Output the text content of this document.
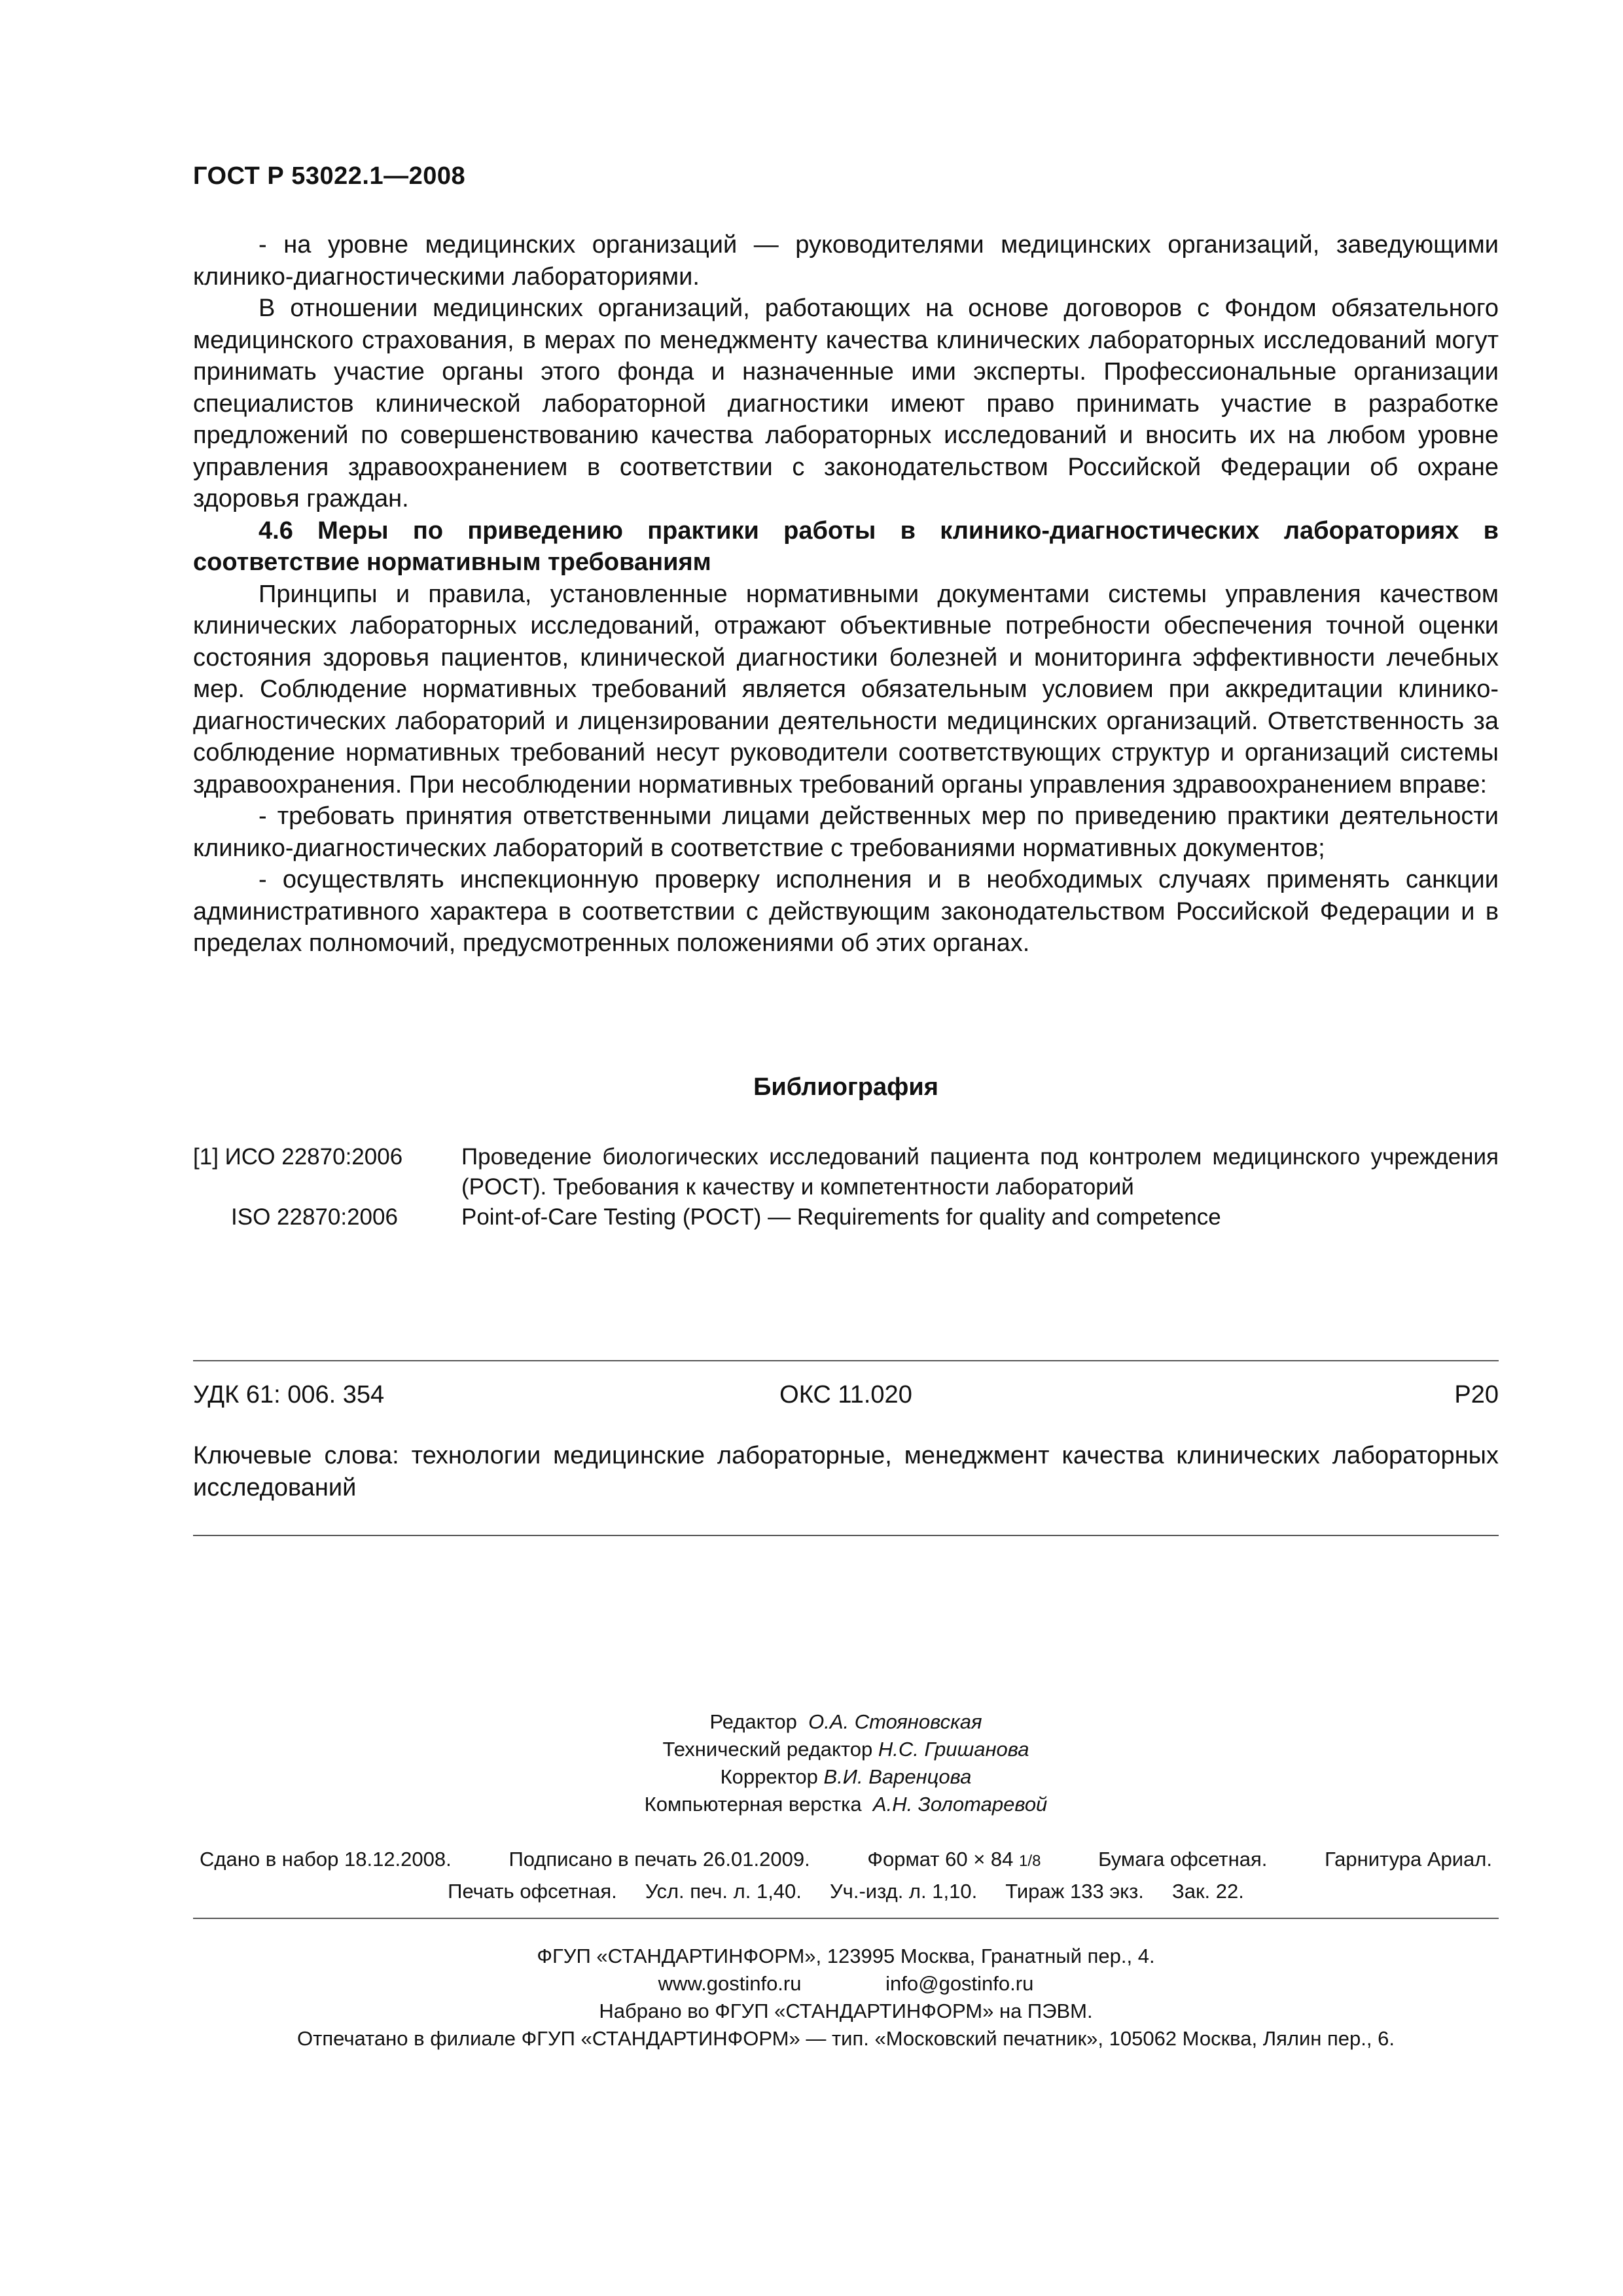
ГОСТ Р 53022.1—2008

- на уровне медицинских организаций — руководителями медицинских организаций, заведующими клинико-диагностическими лабораториями.

В отношении медицинских организаций, работающих на основе договоров с Фондом обязательного медицинского страхования, в мерах по менеджменту качества клинических лабораторных исследований могут принимать участие органы этого фонда и назначенные ими эксперты. Профессиональные организации специалистов клинической лабораторной диагностики имеют право принимать участие в разработке предложений по совершенствованию качества лабораторных исследований и вносить их на любом уровне управления здравоохранением в соответствии с законодательством Российской Федерации об охране здоровья граждан.

4.6 Меры по приведению практики работы в клинико-диагностических лабораториях в соответствие нормативным требованиям

Принципы и правила, установленные нормативными документами системы управления качеством клинических лабораторных исследований, отражают объективные потребности обеспечения точной оценки состояния здоровья пациентов, клинической диагностики болезней и мониторинга эффективности лечебных мер. Соблюдение нормативных требований является обязательным условием при аккредитации клинико-диагностических лабораторий и лицензировании деятельности медицинских организаций. Ответственность за соблюдение нормативных требований несут руководители соответствующих структур и организаций системы здравоохранения. При несоблюдении нормативных требований органы управления здравоохранением вправе:

- требовать принятия ответственными лицами действенных мер по приведению практики деятельности клинико-диагностических лабораторий в соответствие с требованиями нормативных документов;

- осуществлять инспекционную проверку исполнения и в необходимых случаях применять санкции административного характера в соответствии с действующим законодательством Российской Федерации и в пределах полномочий, предусмотренных положениями об этих органах.

Библиография
[1] ИСО 22870:2006	Проведение биологических исследований пациента под контролем медицинского учреждения (POCT). Требования к качеству и компетентности лабораторий
ISO 22870:2006	Point-of-Care Testing (POCT) — Requirements for quality and competence
УДК 61: 006. 354	ОКС 11.020	P20
Ключевые слова: технологии медицинские лабораторные, менеджмент качества клинических лабораторных исследований
Редактор О.А. Стояновская
Технический редактор Н.С. Гришанова
Корректор В.И. Варенцова
Компьютерная верстка А.Н. Золотаревой
Сдано в набор 18.12.2008.	Подписано в печать 26.01.2009.	Формат 60 × 84 1/8	Бумага офсетная.	Гарнитура Ариал.
Печать офсетная. Усл. печ. л. 1,40. Уч.-изд. л. 1,10. Тираж 133 экз. Зак. 22.
ФГУП «СТАНДАРТИНФОРМ», 123995 Москва, Гранатный пер., 4.
www.gostinfo.ru	info@gostinfo.ru
Набрано во ФГУП «СТАНДАРТИНФОРМ» на ПЭВМ.
Отпечатано в филиале ФГУП «СТАНДАРТИНФОРМ» — тип. «Московский печатник», 105062 Москва, Лялин пер., 6.
